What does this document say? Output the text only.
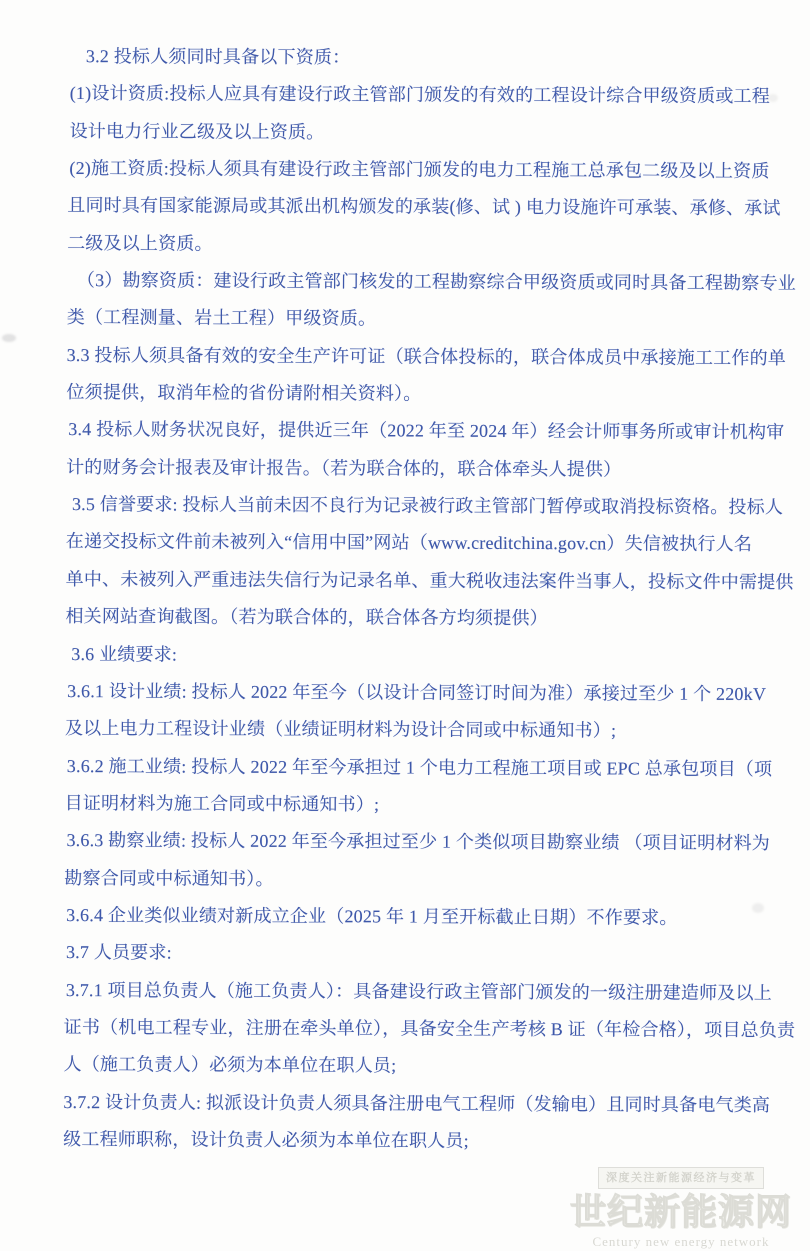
3.2 投标人须同时具备以下资质：
(1)设计资质:投标人应具有建设行政主管部门颁发的有效的工程设计综合甲级资质或工程
设计电力行业乙级及以上资质。
(2)施工资质:投标人须具有建设行政主管部门颁发的电力工程施工总承包二级及以上资质
且同时具有国家能源局或其派出机构颁发的承装(修、试 ) 电力设施许可承装、承修、承试
二级及以上资质。
（3）勘察资质：建设行政主管部门核发的工程勘察综合甲级资质或同时具备工程勘察专业
类（工程测量、岩土工程）甲级资质。
3.3 投标人须具备有效的安全生产许可证（联合体投标的，联合体成员中承接施工工作的单
位须提供，取消年检的省份请附相关资料）。
3.4 投标人财务状况良好，提供近三年（2022 年至 2024 年）经会计师事务所或审计机构审
计的财务会计报表及审计报告。（若为联合体的，联合体牵头人提供）
3.5 信誉要求: 投标人当前未因不良行为记录被行政主管部门暂停或取消投标资格。投标人
在递交投标文件前未被列入“信用中国”网站（www.creditchina.gov.cn）失信被执行人名
单中、未被列入严重违法失信行为记录名单、重大税收违法案件当事人，投标文件中需提供
相关网站查询截图。（若为联合体的，联合体各方均须提供）
3.6 业绩要求:
3.6.1 设计业绩: 投标人 2022 年至今（以设计合同签订时间为准）承接过至少 1 个 220kV
及以上电力工程设计业绩（业绩证明材料为设计合同或中标通知书）;
3.6.2 施工业绩: 投标人 2022 年至今承担过 1 个电力工程施工项目或 EPC 总承包项目（项
目证明材料为施工合同或中标通知书）;
3.6.3 勘察业绩: 投标人 2022 年至今承担过至少 1 个类似项目勘察业绩 （项目证明材料为
勘察合同或中标通知书）。
3.6.4 企业类似业绩对新成立企业（2025 年 1 月至开标截止日期）不作要求。
3.7 人员要求:
3.7.1 项目总负责人（施工负责人）：具备建设行政主管部门颁发的一级注册建造师及以上
证书（机电工程专业，注册在牵头单位），具备安全生产考核 B 证（年检合格），项目总负责
人（施工负责人）必须为本单位在职人员;
3.7.2 设计负责人: 拟派设计负责人须具备注册电气工程师（发输电）且同时具备电气类高
级工程师职称，设计负责人必须为本单位在职人员;
深度关注新能源经济与变革
世纪新能源网
Century new energy network
